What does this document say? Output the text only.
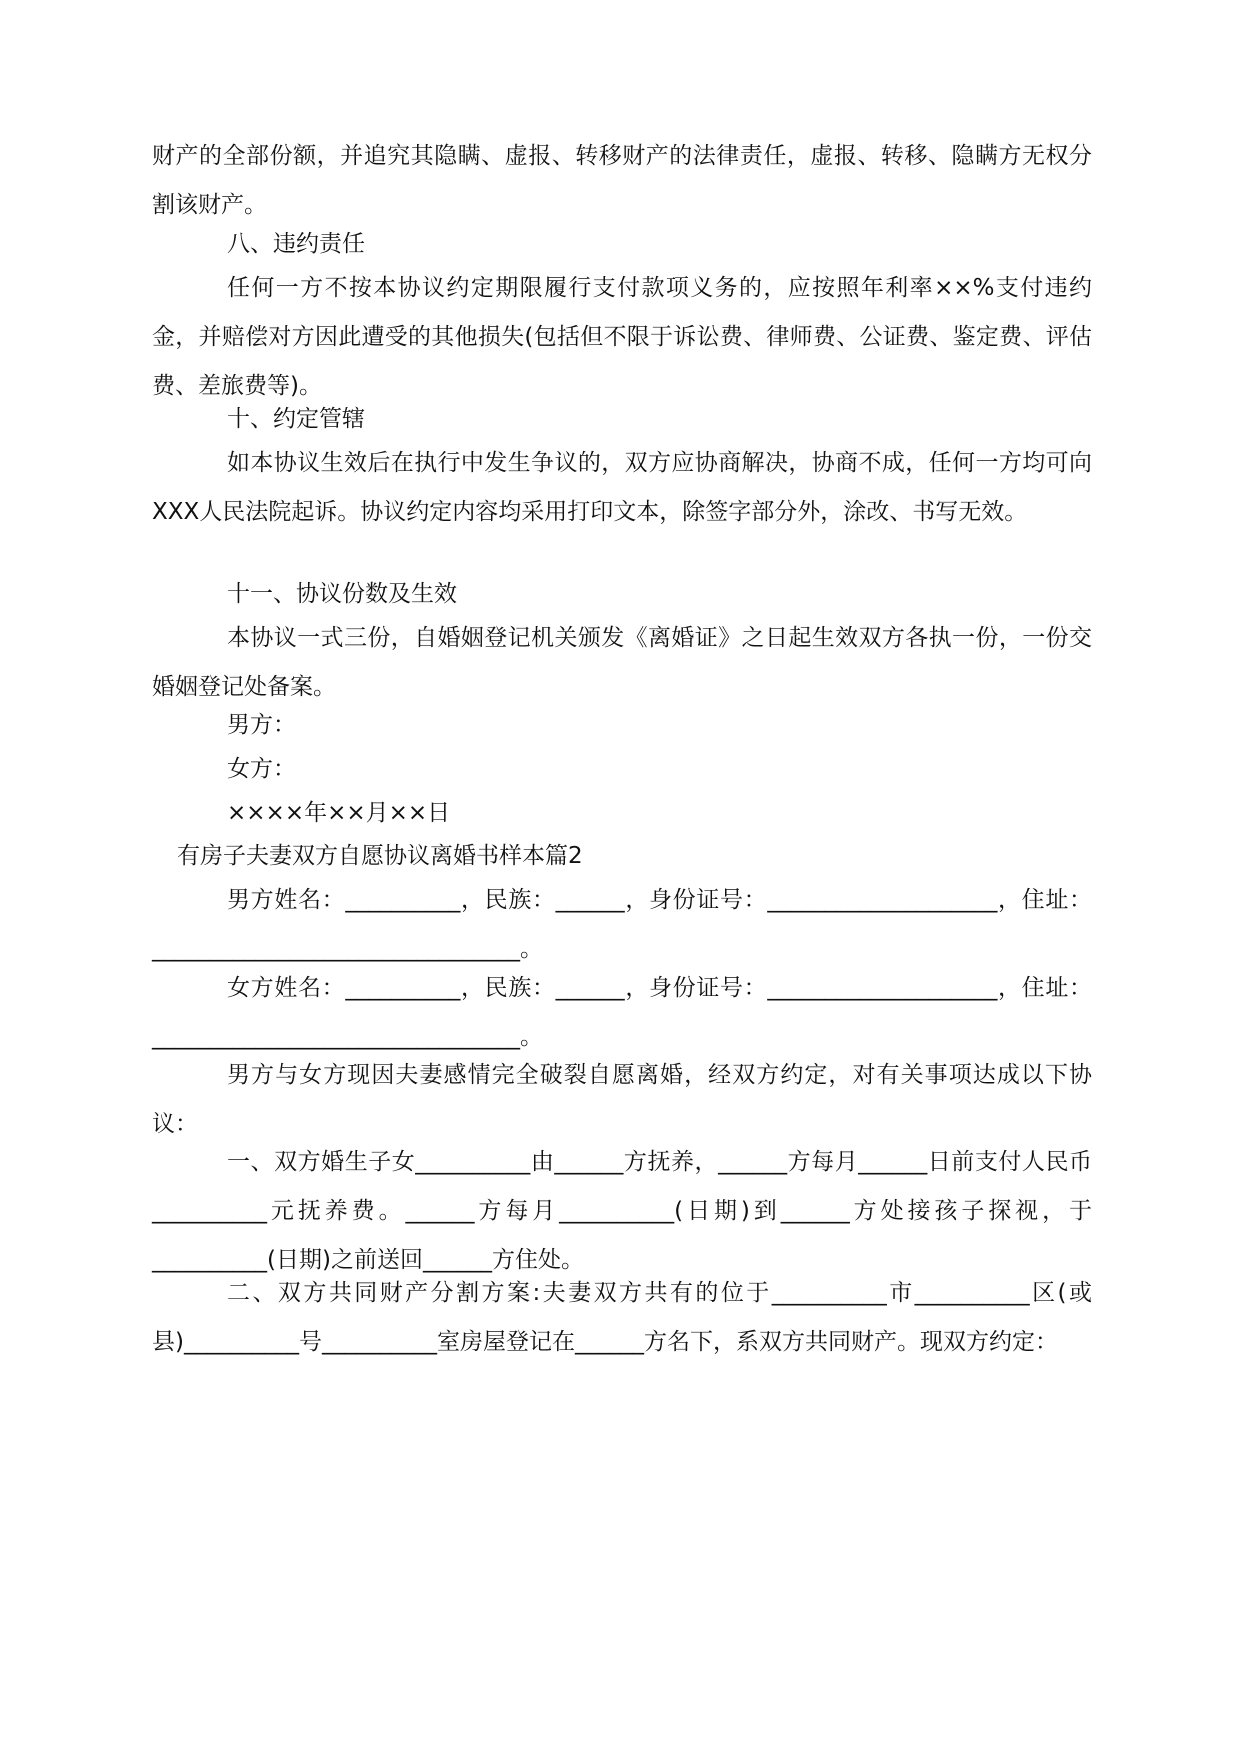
财产的全部份额，并追究其隐瞒、虚报、转移财产的法律责任，虚报、转移、隐瞒方无权分割该财产。

八、违约责任

任何一方不按本协议约定期限履行支付款项义务的，应按照年利率××%支付违约金，并赔偿对方因此遭受的其他损失(包括但不限于诉讼费、律师费、公证费、鉴定费、评估费、差旅费等)。

十、约定管辖

如本协议生效后在执行中发生争议的，双方应协商解决，协商不成，任何一方均可向XXX人民法院起诉。协议约定内容均采用打印文本，除签字部分外，涂改、书写无效。

十一、协议份数及生效

本协议一式三份，自婚姻登记机关颁发《离婚证》之日起生效双方各执一份，一份交婚姻登记处备案。

男方：

女方：

××××年××月××日

有房子夫妻双方自愿协议离婚书样本篇2

男方姓名：__________，民族：______，身份证号：____________________，住址：________________________________。

女方姓名：__________，民族：______，身份证号：____________________，住址：________________________________。

男方与女方现因夫妻感情完全破裂自愿离婚，经双方约定，对有关事项达成以下协议：

一、双方婚生子女__________由______方抚养，______方每月______日前支付人民币__________元抚养费。______方每月__________(日期)到______方处接孩子探视，于__________(日期)之前送回______方住处。

二、双方共同财产分割方案:夫妻双方共有的位于__________市__________区(或县)__________号__________室房屋登记在______方名下，系双方共同财产。现双方约定：
